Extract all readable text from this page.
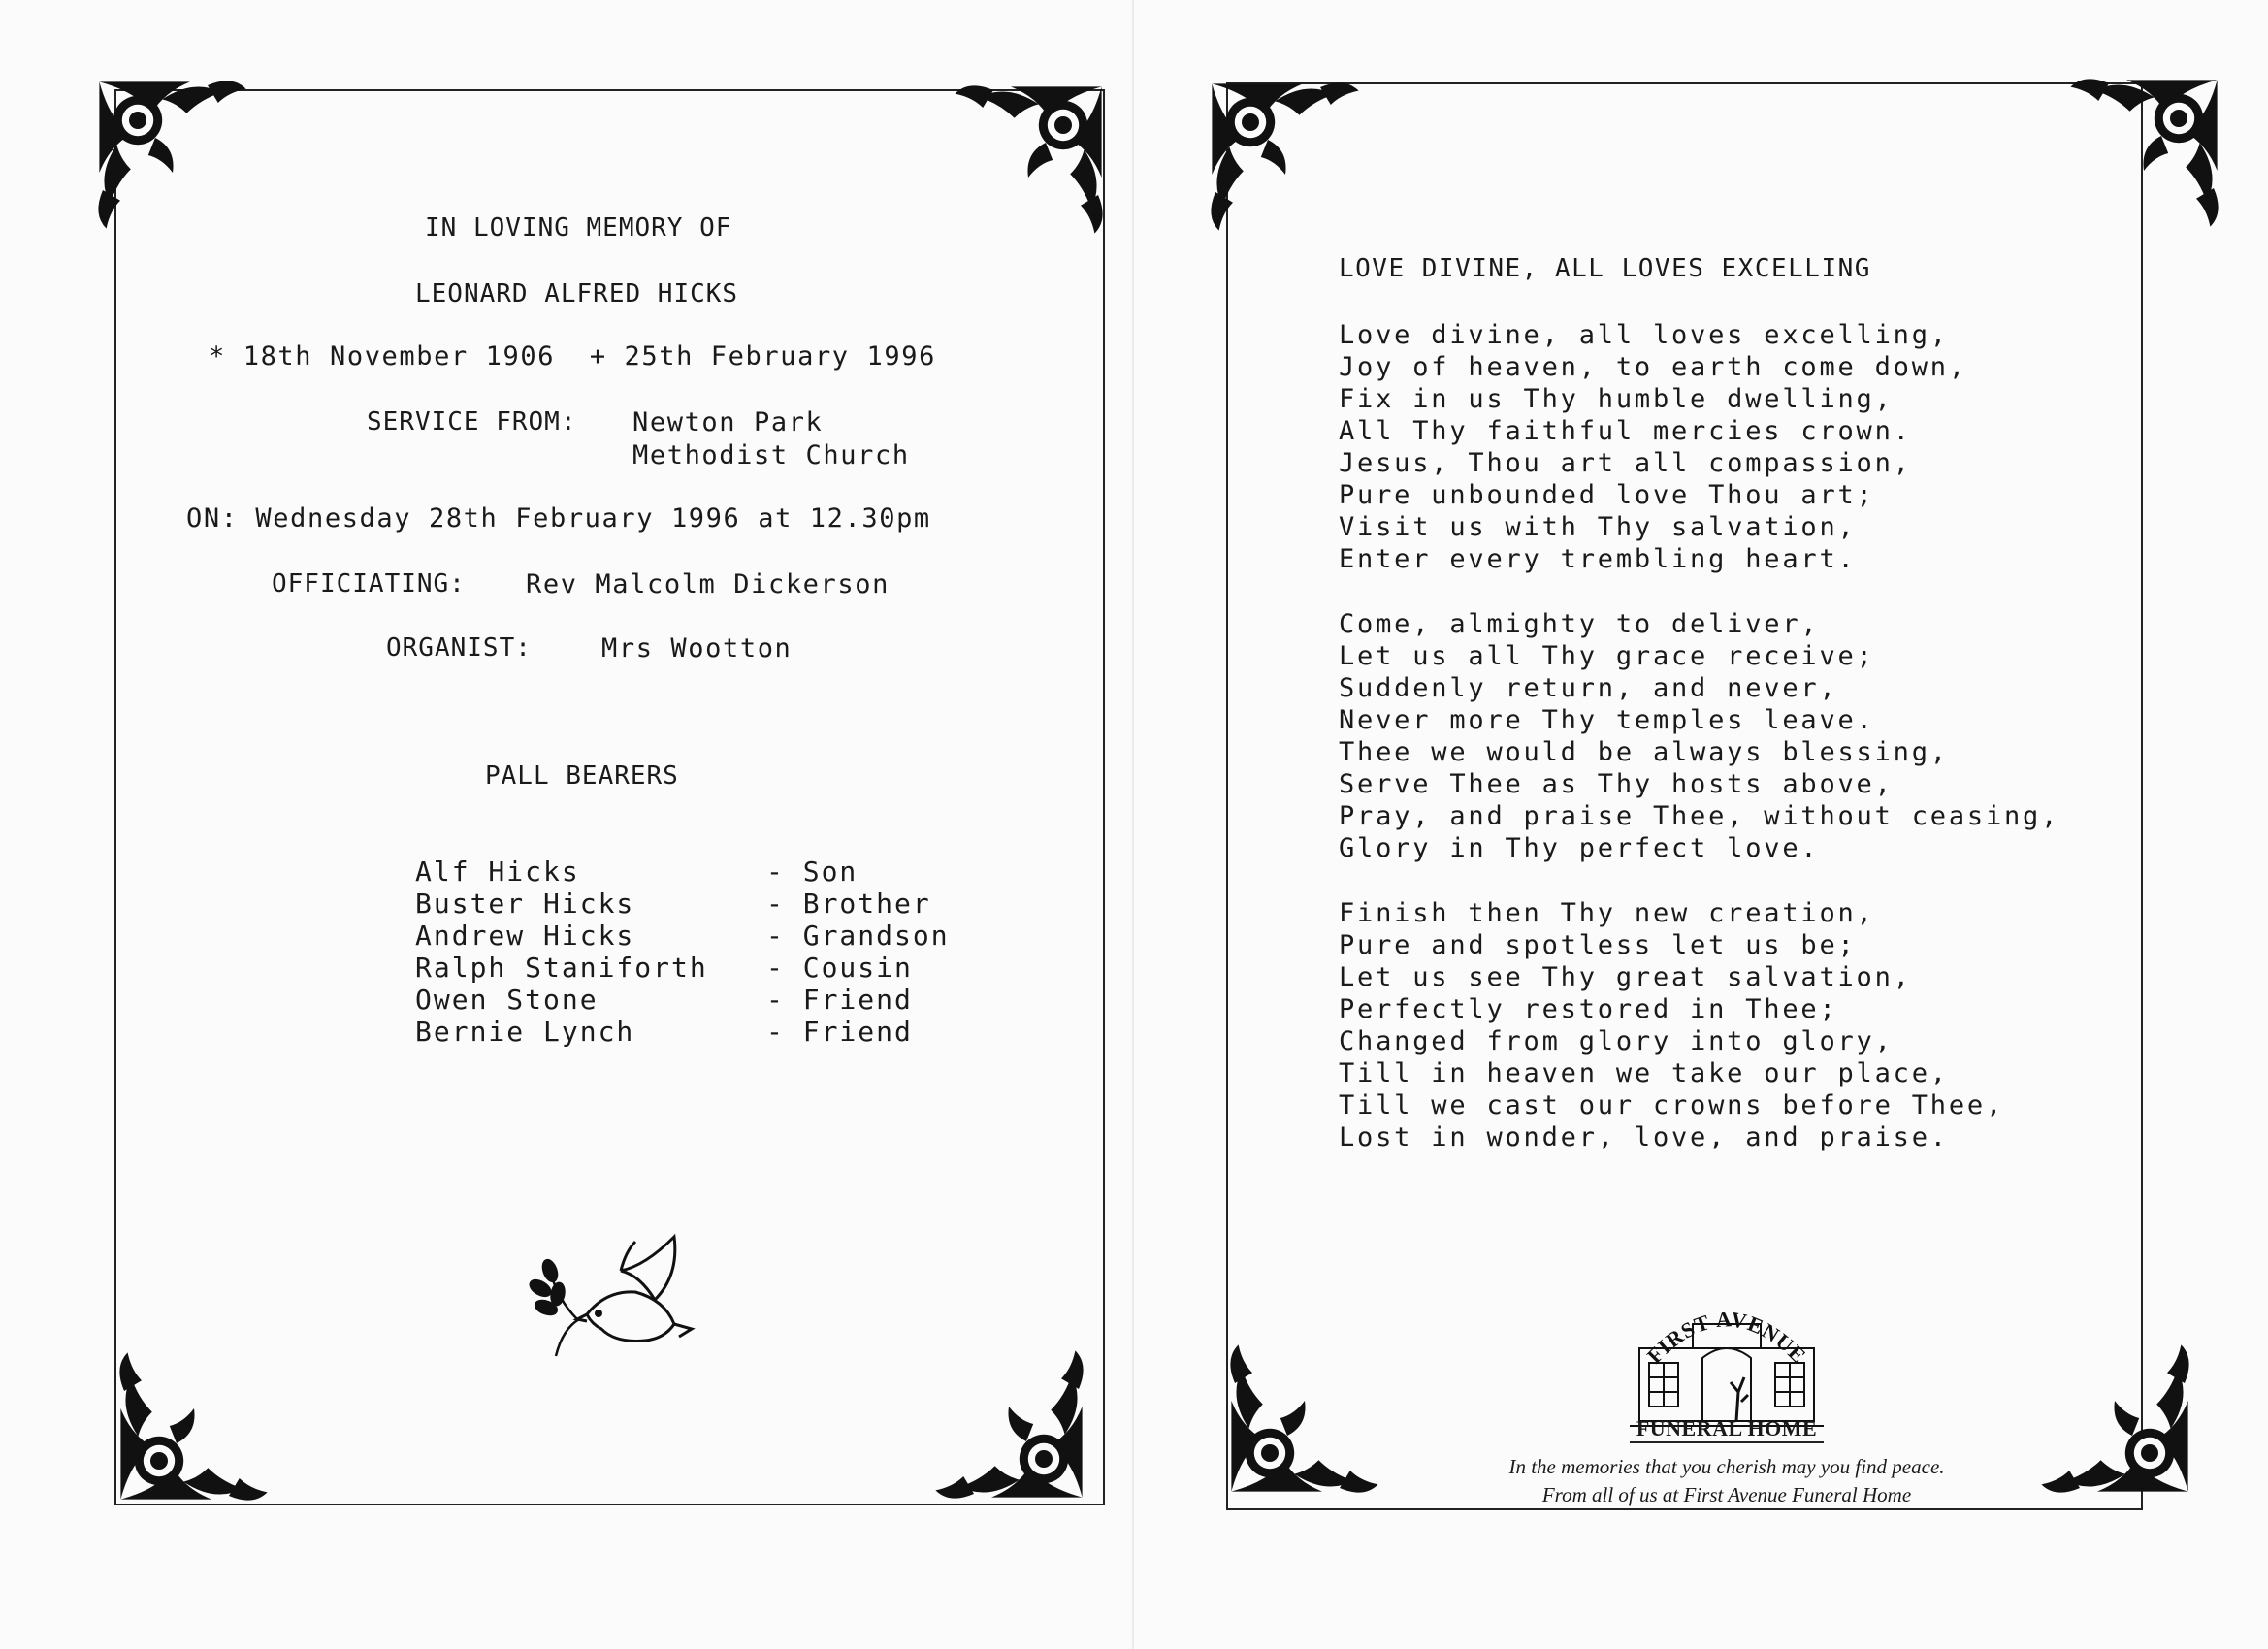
IN LOVING MEMORY OF
LEONARD ALFRED HICKS
* 18th November 1906  + 25th February 1996
SERVICE FROM: Newton Park
Methodist Church
ON: Wednesday 28th February 1996 at 12.30pm
OFFICIATING: Rev Malcolm Dickerson
ORGANIST:	Mrs Wootton
PALL BEARERS
Alf Hicks	- Son
Buster Hicks	- Brother
Andrew Hicks	- Grandson
Ralph Staniforth - Cousin
Owen Stone	- Friend
Bernie Lynch	- Friend
LOVE DIVINE, ALL LOVES EXCELLING
Love divine, all loves excelling,
Joy of heaven, to earth come down,
Fix in us Thy humble dwelling,
All Thy faithful mercies crown.
Jesus, Thou art all compassion,
Pure unbounded love Thou art;
Visit us with Thy salvation,
Enter every trembling heart.
Come, almighty to deliver,
Let us all Thy grace receive;
Suddenly return, and never,
Never more Thy temples leave.
Thee we would be always blessing,
Serve Thee as Thy hosts above,
Pray, and praise Thee, without ceasing,
Glory in Thy perfect love.
Finish then Thy new creation,
Pure and spotless let us be;
Let us see Thy great salvation,
Perfectly restored in Thee;
Changed from glory into glory,
Till in heaven we take our place,
Till we cast our crowns before Thee,
Lost in wonder, love, and praise.
FIRST AVENUE
FUNERAL HOME
In the memories that you cherish may you find peace.
From all of us at First Avenue Funeral Home
